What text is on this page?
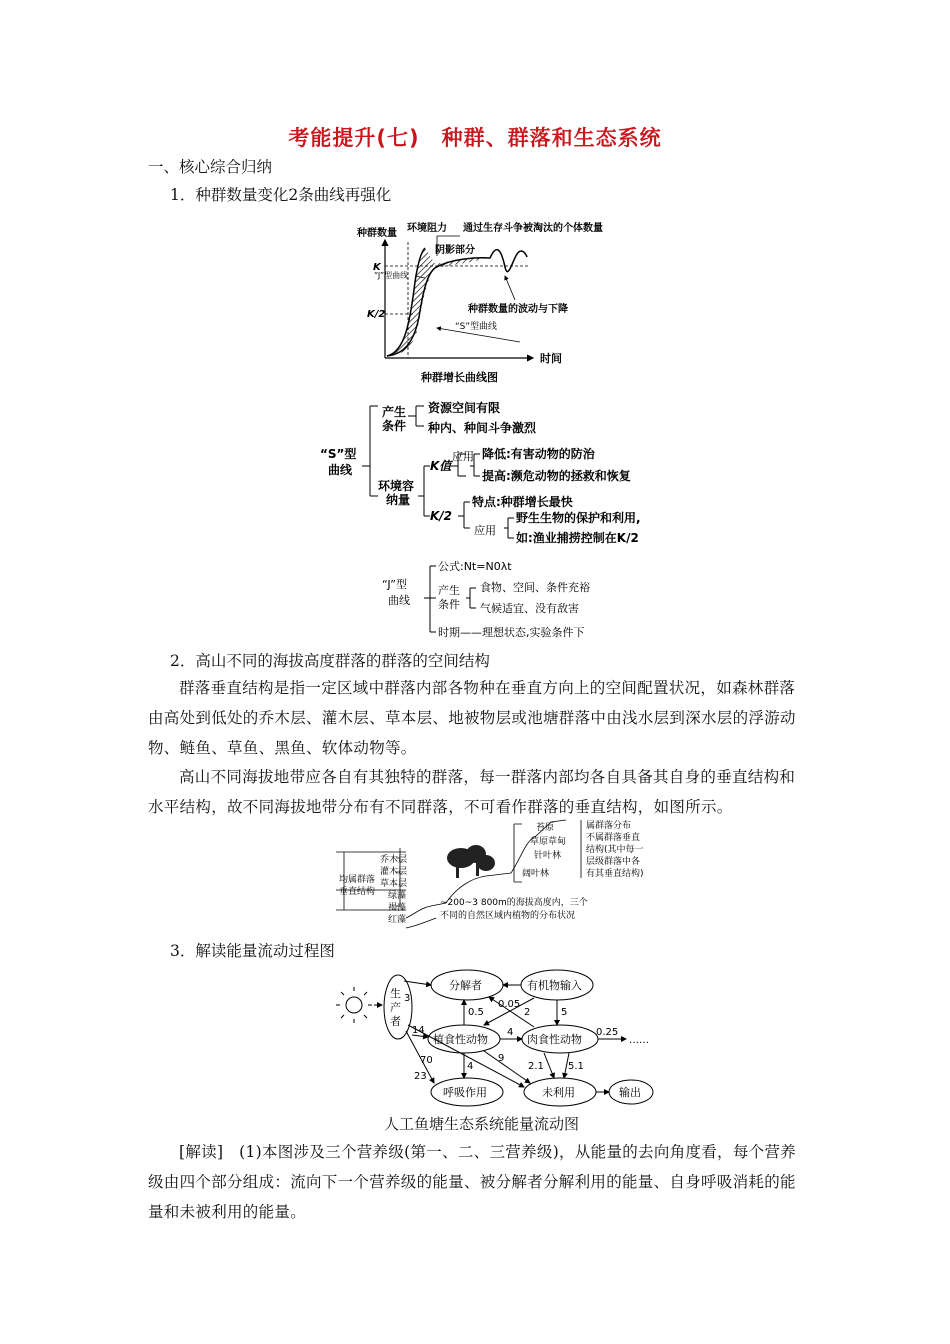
考能提升(七)　种群、群落和生态系统
一、核心综合归纳
1．种群数量变化2条曲线再强化
种群数量
时间
K
K/2
环境阻力 通过生存斗争被淘汰的个体数量
阴影部分
“J”型曲线
种群数量的波动与下降
“S”型曲线
种群增长曲线图
“S”型
曲线
产生
条件
资源空间有限
种内、种间斗争激烈
环境容
纳量
K值
应用 降低:有害动物的防治
提高:濒危动物的拯救和恢复
K/2
特点:种群增长最快
应用
野生生物的保护和利用,
如:渔业捕捞控制在K/2
“J”型
曲线
公式:Nt=N0λt
产生
条件
食物、空间、条件充裕
气候适宜、没有敌害
时期——理想状态,实验条件下
2．高山不同的海拔高度群落的群落的空间结构
群落垂直结构是指一定区域中群落内部各物种在垂直方向上的空间配置状况，如森林群落由高处到低处的乔木层、灌木层、草本层、地被物层或池塘群落中由浅水层到深水层的浮游动物、鲢鱼、草鱼、黑鱼、软体动物等。
高山不同海拔地带应各自有其独特的群落，每一群落内部均各自具备其自身的垂直结构和水平结构，故不同海拔地带分布有不同群落，不可看作群落的垂直结构，如图所示。
乔木层
灌木层
草本层
均属群落
垂直结构 绿藻
褐藻
红藻
苔原
草原草甸
针叶林
阔叶林
属群落分布
不属群落垂直
结构(其中每一
层级群落中各
有其垂直结构)
~200~3 800m的海拔高度内，三个
不同的自然区域内植物的分布状况
3．解读能量流动过程图
生
产
者
分解者	有机物输入
植食性动物	肉食性动物
呼吸作用	未利用	输出
3
0.05
2	5
0.5
14	4	0.25
……
70
4
9
2.1 5.1
23
人工鱼塘生态系统能量流动图
[解读]　(1)本图涉及三个营养级(第一、二、三营养级)，从能量的去向角度看，每个营养级由四个部分组成：流向下一个营养级的能量、被分解者分解利用的能量、自身呼吸消耗的能量和未被利用的能量。
